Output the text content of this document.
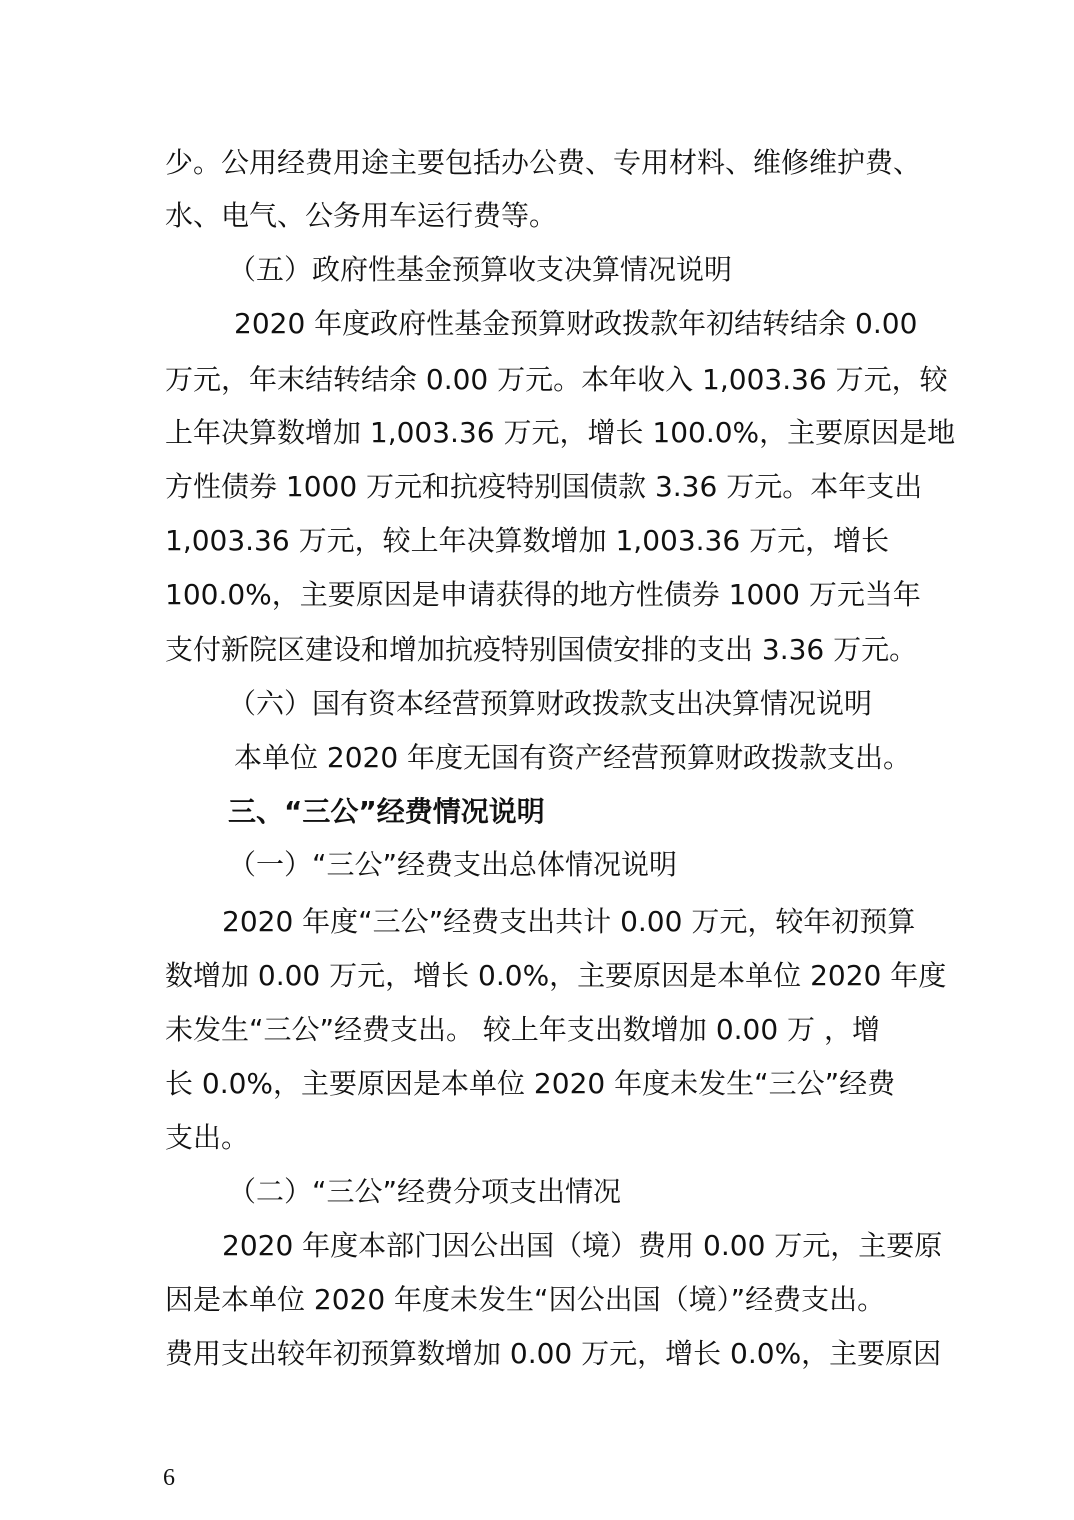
少。公用经费用途主要包括办公费、专用材料、维修维护费、
水、电气、公务用车运行费等。
（五）政府性基金预算收支决算情况说明
2020 年度政府性基金预算财政拨款年初结转结余 0.00
万元，年末结转结余 0.00 万元。本年收入 1,003.36 万元，较
上年决算数增加 1,003.36 万元，增长 100.0%，主要原因是地
方性债券 1000 万元和抗疫特别国债款 3.36 万元。本年支出
1,003.36 万元，较上年决算数增加 1,003.36 万元，增长
100.0%，主要原因是申请获得的地方性债券 1000 万元当年
支付新院区建设和增加抗疫特别国债安排的支出 3.36 万元。
（六）国有资本经营预算财政拨款支出决算情况说明
本单位 2020 年度无国有资产经营预算财政拨款支出。
三、“三公”经费情况说明
（一）“三公”经费支出总体情况说明
2020 年度“三公”经费支出共计 0.00 万元，较年初预算
数增加 0.00 万元，增长 0.0%，主要原因是本单位 2020 年度
未发生“三公”经费支出。 较上年支出数增加 0.00 万 ，增
长 0.0%，主要原因是本单位 2020 年度未发生“三公”经费
支出。
（二）“三公”经费分项支出情况
2020 年度本部门因公出国（境）费用 0.00 万元，主要原
因是本单位 2020 年度未发生“因公出国（境）”经费支出。
费用支出较年初预算数增加 0.00 万元，增长 0.0%，主要原因
6
